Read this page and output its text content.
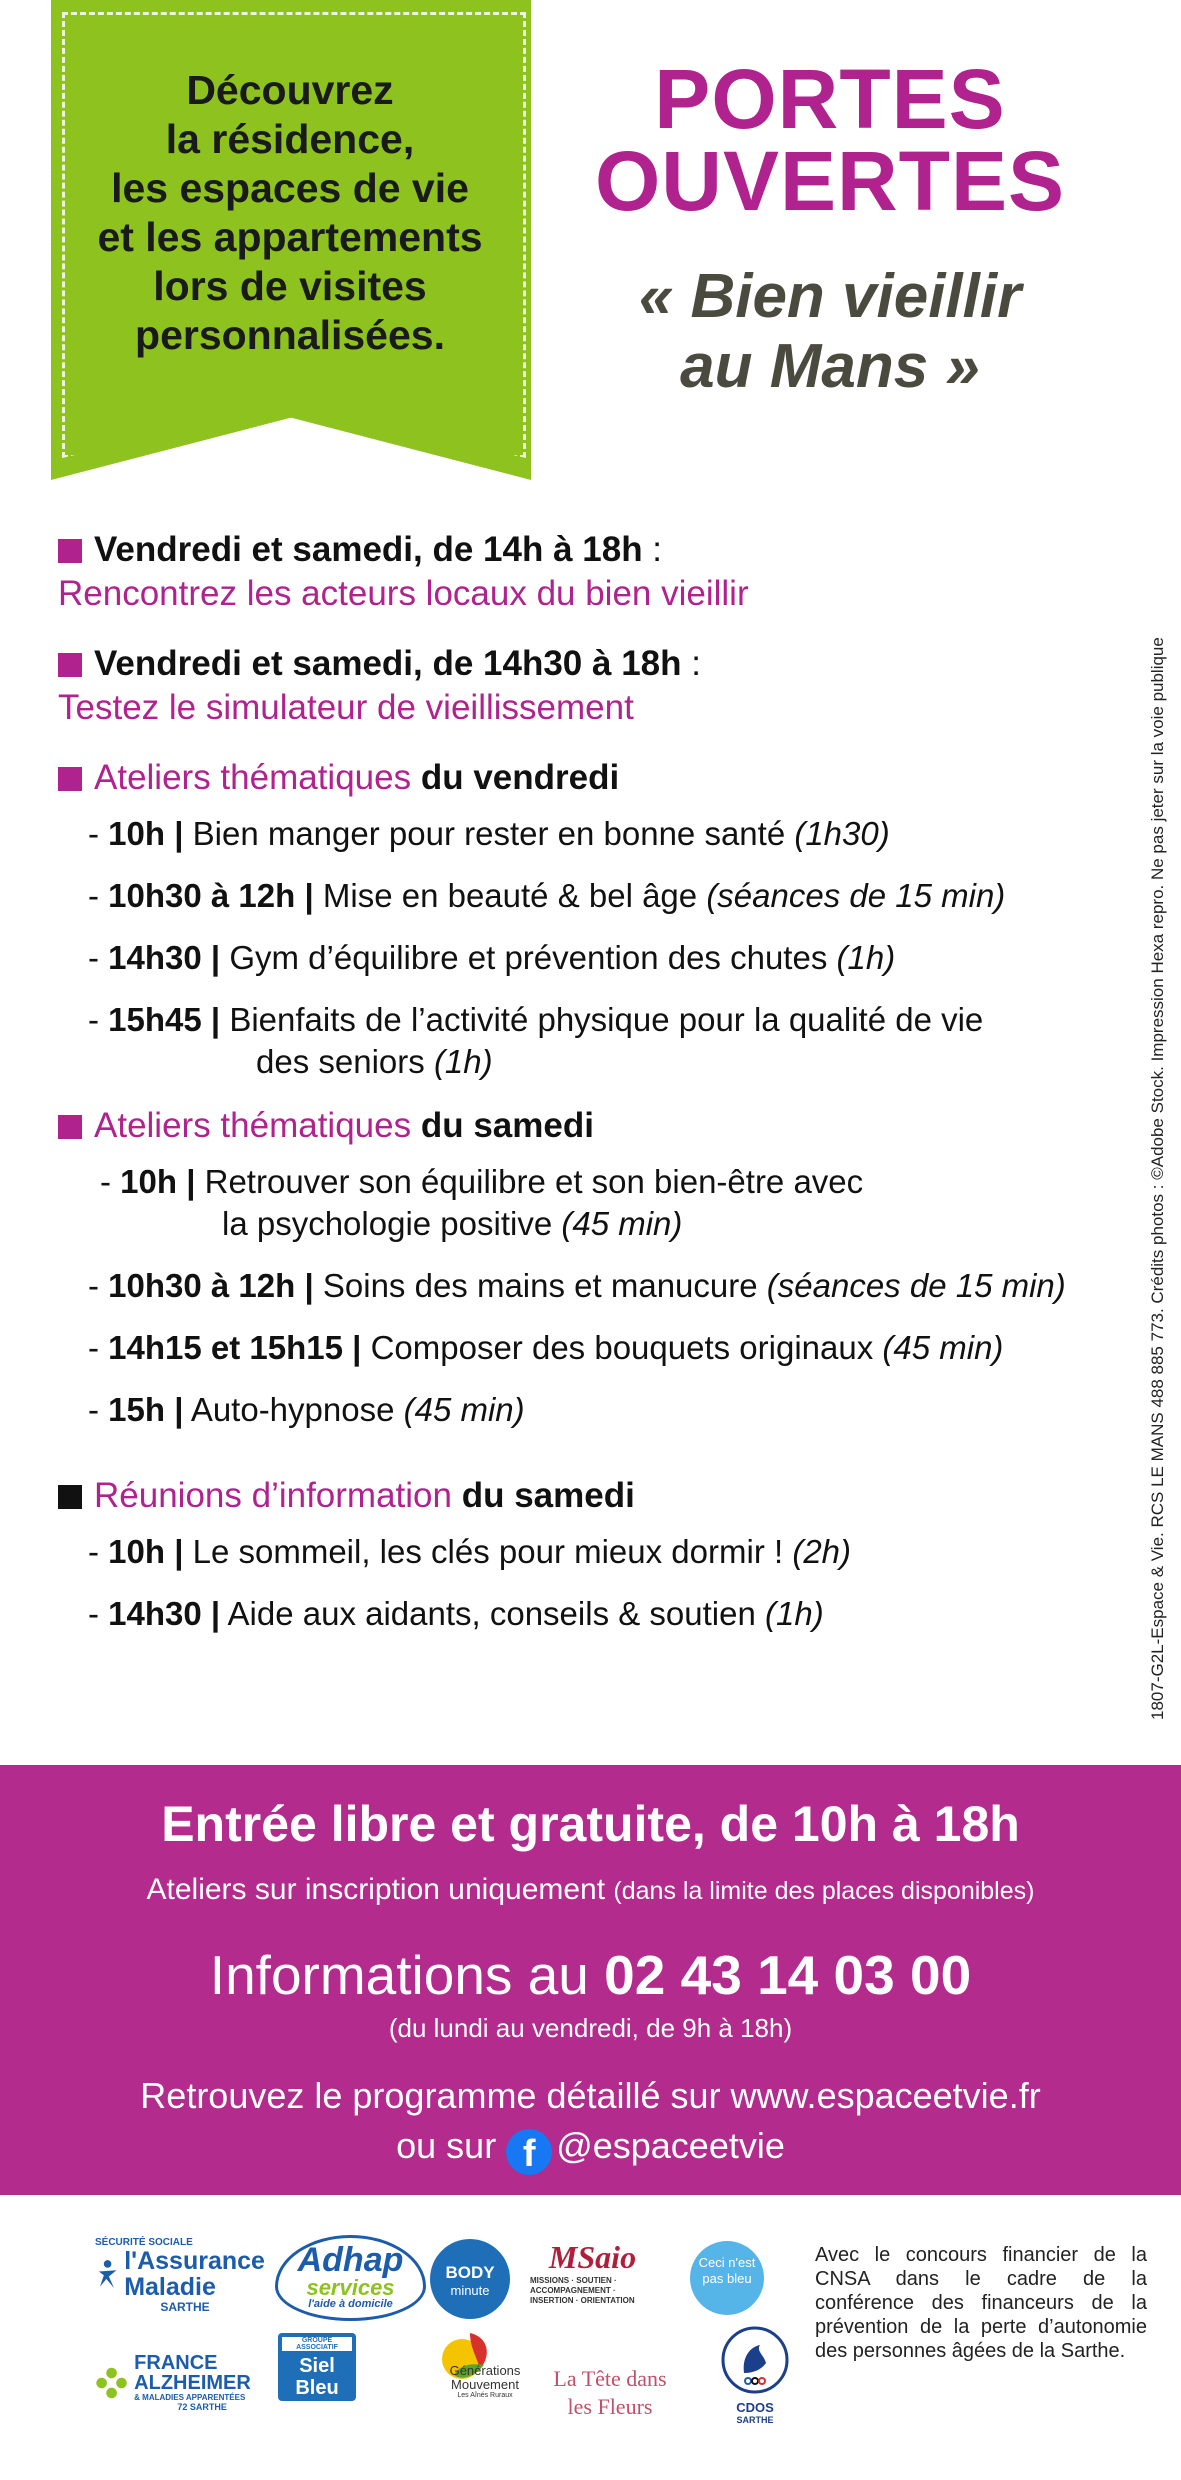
Découvrez
la résidence,
les espaces de vie
et les appartements
lors de visites
personnalisées.
PORTES
OUVERTES
« Bien vieillir
au Mans »
1807-G2L-Espace & Vie. RCS LE MANS 488 885 773. Crédits photos : ©Adobe Stock. Impression Hexa repro. Ne pas jeter sur la voie publique
Vendredi et samedi, de 14h à 18h :
Rencontrez les acteurs locaux du bien vieillir
Vendredi et samedi, de 14h30 à 18h :
Testez le simulateur de vieillissement
Ateliers thématiques du vendredi
- 10h | Bien manger pour rester en bonne santé (1h30)
- 10h30 à 12h | Mise en beauté & bel âge (séances de 15 min)
- 14h30 | Gym d’équilibre et prévention des chutes (1h)
- 15h45 | Bienfaits de l’activité physique pour la qualité de vie
des seniors (1h)
Ateliers thématiques du samedi
- 10h | Retrouver son équilibre et son bien-être avec
la psychologie positive (45 min)
- 10h30 à 12h | Soins des mains et manucure (séances de 15 min)
- 14h15 et 15h15 | Composer des bouquets originaux (45 min)
- 15h | Auto-hypnose (45 min)
Réunions d’information du samedi
- 10h | Le sommeil, les clés pour mieux dormir ! (2h)
- 14h30 | Aide aux aidants, conseils & soutien (1h)
Entrée libre et gratuite, de 10h à 18h
Ateliers sur inscription uniquement (dans la limite des places disponibles)
Informations au 02 43 14 03 00
(du lundi au vendredi, de 9h à 18h)
Retrouvez le programme détaillé sur www.espaceetvie.fr
ou sur f @espaceetvie
SÉCURITÉ SOCIALE
l'Assurance Maladie
SARTHE
Adhap
services
l'aide à domicile
BODY
minute
MSaio
MISSIONS · SOUTIEN · ACCOMPAGNEMENT · INSERTION · ORIENTATION
Ceci n'est pas bleu
FRANCE ALZHEIMER
& MALADIES APPARENTÉES
72 SARTHE
GROUPE ASSOCIATIF
Siel Bleu
Générations Mouvement
Les Aînés Ruraux
La Tête dans les Fleurs	CDOS
SARTHE
Avec le concours financier de la CNSA dans le cadre de la conférence des financeurs de la prévention de la perte d’autonomie des personnes âgées de la Sarthe.
